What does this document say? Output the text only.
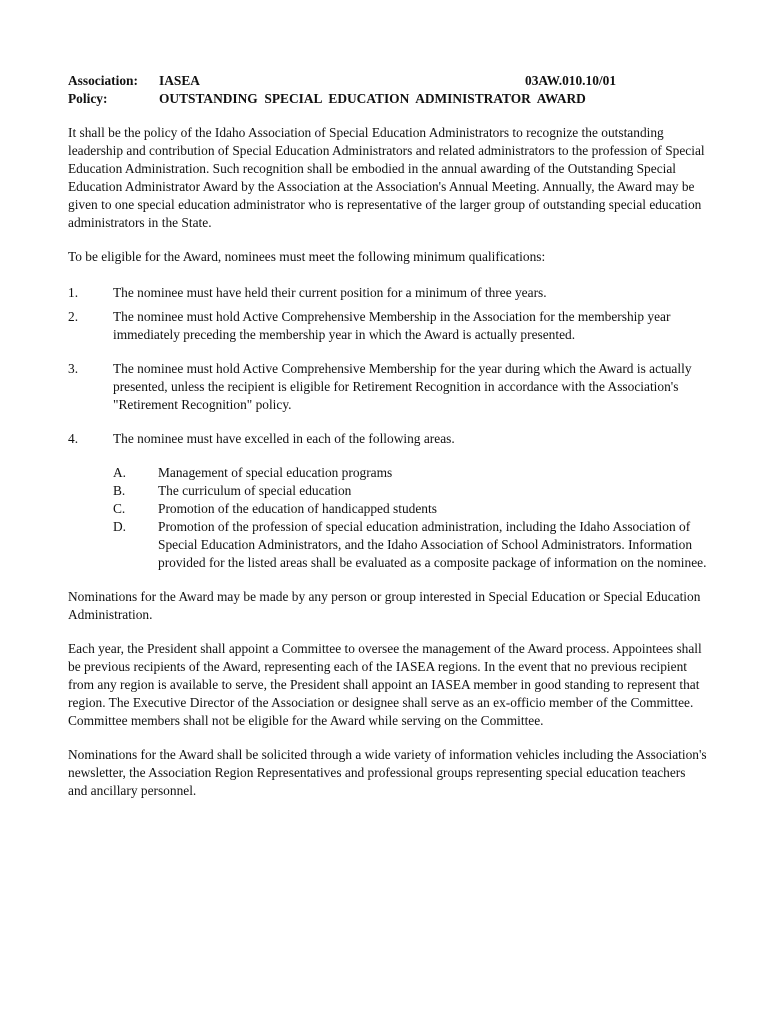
Association:	IASEA	03AW.010.10/01
Policy:	OUTSTANDING  SPECIAL  EDUCATION  ADMINISTRATOR  AWARD

It shall be the policy of the Idaho Association of Special Education Administrators to recognize the outstanding leadership and contribution of Special Education Administrators and related administrators to the profession of Special Education Administration. Such recognition shall be embodied in the annual awarding of the Outstanding Special Education Administrator Award by the Association at the Association's Annual Meeting. Annually, the Award may be given to one special education administrator who is representative of the larger group of outstanding special education administrators in the State.

To be eligible for the Award, nominees must meet the following minimum qualifications:

1.	The nominee must have held their current position for a minimum of three years.
2.	The nominee must hold Active Comprehensive Membership in the Association for the membership year immediately preceding the membership year in which the Award is actually presented.
3.	The nominee must hold Active Comprehensive Membership for the year during which the Award is actually presented, unless the recipient is eligible for Retirement Recognition in accordance with the Association's "Retirement Recognition" policy.
4.	The nominee must have excelled in each of the following areas.
A.	Management of special education programs
B.	The curriculum of special education
C.	Promotion of the education of handicapped students
D.	Promotion of the profession of special education administration, including the Idaho Association of Special Education Administrators, and the Idaho Association of School Administrators. Information provided for the listed areas shall be evaluated as a composite package of information on the nominee.

Nominations for the Award may be made by any person or group interested in Special Education or Special Education Administration.

Each year, the President shall appoint a Committee to oversee the management of the Award process. Appointees shall be previous recipients of the Award, representing each of the IASEA regions. In the event that no previous recipient from any region is available to serve, the President shall appoint an IASEA member in good standing to represent that region. The Executive Director of the Association or designee shall serve as an ex-officio member of the Committee. Committee members shall not be eligible for the Award while serving on the Committee.

Nominations for the Award shall be solicited through a wide variety of information vehicles including the Association's newsletter, the Association Region Representatives and professional groups representing special education teachers and ancillary personnel.
